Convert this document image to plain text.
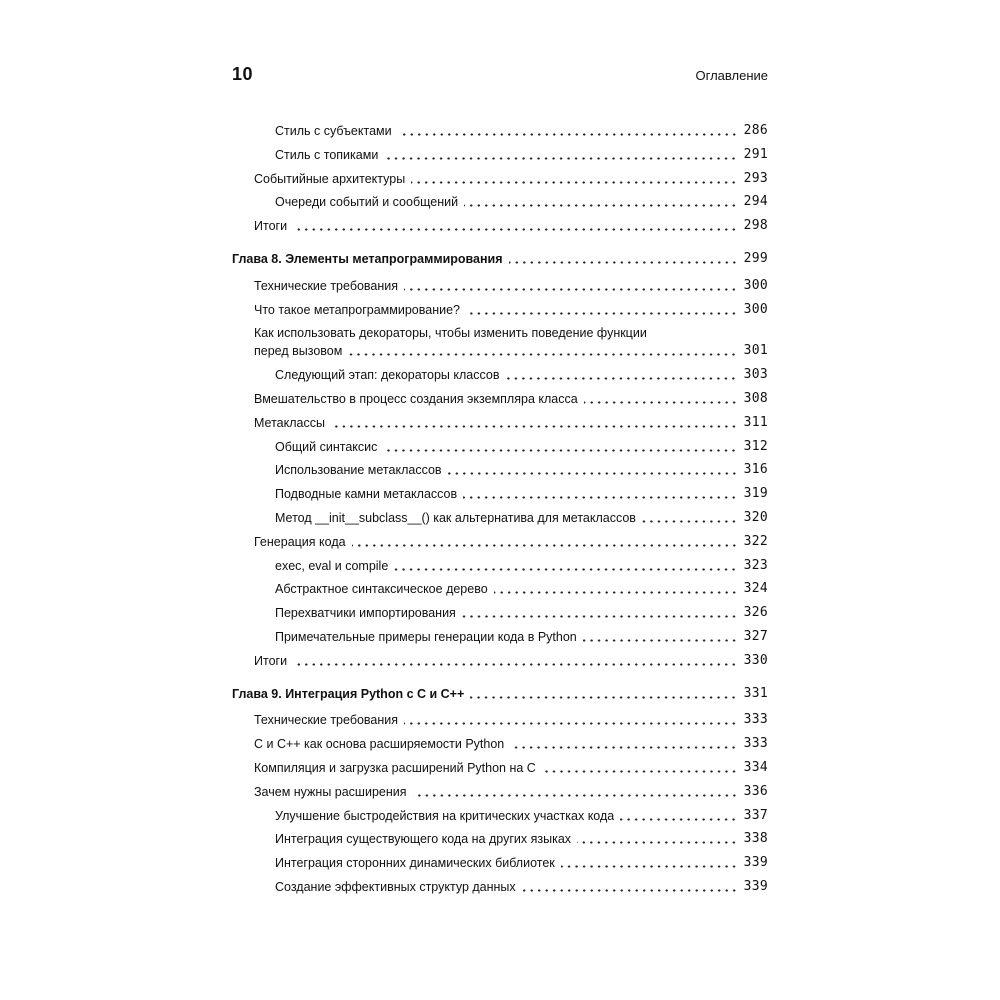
10	Оглавление
Стиль с субъектами	286
Стиль с топиками	291
Событийные архитектуры	293
Очереди событий и сообщений	294
Итоги	298
Глава 8. Элементы метапрограммирования	299
Технические требования	300
Что такое метапрограммирование?	300
Как использовать декораторы, чтобы изменить поведение функции
перед вызовом	301
Следующий этап: декораторы классов	303
Вмешательство в процесс создания экземпляра класса	308
Метаклассы	311
Общий синтаксис	312
Использование метаклассов	316
Подводные камни метаклассов	319
Метод __init__subclass__() как альтернатива для метаклассов	320
Генерация кода	322
exec, eval и compile	323
Абстрактное синтаксическое дерево	324
Перехватчики импортирования	326
Примечательные примеры генерации кода в Python	327
Итоги	330
Глава 9. Интеграция Python с C и C++	331
Технические требования	333
C и C++ как основа расширяемости Python	333
Компиляция и загрузка расширений Python на C	334
Зачем нужны расширения	336
Улучшение быстродействия на критических участках кода	337
Интеграция существующего кода на других языках	338
Интеграция сторонних динамических библиотек	339
Создание эффективных структур данных	339
